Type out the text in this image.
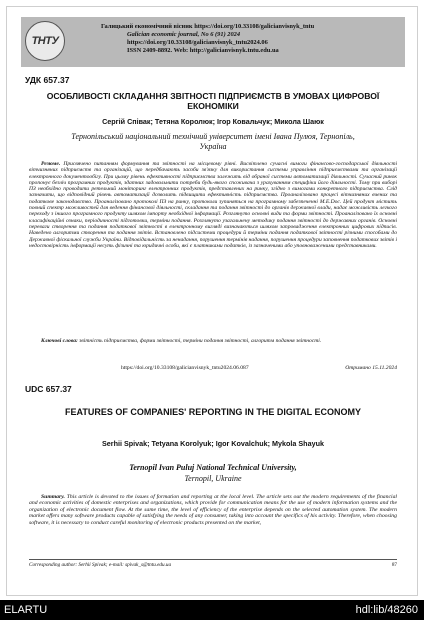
ТНТУ
Галицький економічний вісник https://doi.org/10.33108/galicianvisnyk_tntu
Galician economic journal, No 6 (91) 2024
https://doi.org/10.33108/galicianvisnyk_tntu2024.06
ISSN 2409-8892. Web: http://galicianvisnyk.tntu.edu.ua
УДК 657.37
ОСОБЛИВОСТІ СКЛАДАННЯ ЗВІТНОСТІ ПІДПРИЄМСТВ В УМОВАХ ЦИФРОВОЇ ЕКОНОМІКИ
Сергій Співак; Тетяна Королюк; Ігор Ковальчук; Микола Шаюк
Тернопільський національний технічний університет імені Івана Пулюя, Тернопіль, Україна
Резюме. Присвячено питанням формування та звітності на місцевому рівні. Висвітлено сучасні вимоги фінансово-господарської діяльності вітчизняних підприємств та організацій, що передбачають засоби зв'язку для використання системи управління підприємствами та організації електронного документообігу. При цьому рівень ефективності підприємства залежить від обраної системи автоматизації діяльності. Сучасний ринок пропонує безліч програмних продуктів, здатних задовольнити потреби будь-якого споживача з урахуванням специфіки його діяльності. Тому при виборі ПЗ необхідно проводити ретельний моніторинг електронних продуктів, представлених на ринку, згідно з вимогами конкретного підприємства. Слід зазначити, що відповідний рівень автоматизації дозволить підвищити ефективність підприємства. Проаналізовано процесі вітчизняних вчених та податкове законодавство. Проаналізовано протоколі ПЗ на ринку, протоколи зупиняться на програмному забезпеченні M.E.Doc. Цей продукт містить повний спектр можливостей для ведення фінансової діяльності, складання та подання звітності до органів державної влади, надає можливість легкого переходу з іншого програмного продукту шляхом імпорту необхідної інформації. Розглянуто основні види та форми звітності. Проаналізовано їх основні класифікаційні ознаки, періодичності підготовки, терміни подання. Розглянуто узагальнену методику подання звітності до державних органів. Основні переваги створення та подання податкової звітності в електронному вигляді визначаються шляхом запровадження електронних цифрових підписів. Наведено алгоритми створення та подання звітів. Встановлено підсистеми процедури й терміни подання податкової звітності різними способами до Державної фіскальної служби України. Відповідальність за ненадання, порушення термінів надання, порушення процедури заповнення податкових звітів і недостовірність інформації несуть фізичні та юридичні особи, які є платниками податків, із зазначеними або уповноваженими представниками.
Ключові слова: звітність підприємства, форми звітності, терміни подання звітності, алгоритм подання звітності.
https://doi.org/10.33108/galicianvisnyk_tntu2024.06.087	Отримано 15.11.2024
UDC 657.37
FEATURES OF COMPANIES' REPORTING IN THE DIGITAL ECONOMY
Serhii Spivak; Tetyana Korolyuk; Igor Kovalchuk; Mykola Shayuk
Ternopil Ivan Puluj National Technical University,
Ternopil, Ukraine
Summary. This article is devoted to the issues of formation and reporting at the local level. The article sets out the modern requirements of the financial and economic activities of domestic enterprises and organizations, which provide for communication means for the use of modern information systems and the organization of electronic document flow. At the same time, the level of efficiency of the enterprise depends on the selected automation system. The modern market offers many software products capable of satisfying the needs of any consumer, taking into account the specifics of his activity. Therefore, when choosing software, it is necessary to conduct careful monitoring of electronic products presented on the market,
Corresponding author: Serhii Spivak; e-mail: spivak_s@tntu.edu.ua	87
ELARTU	hdl:lib/48260
